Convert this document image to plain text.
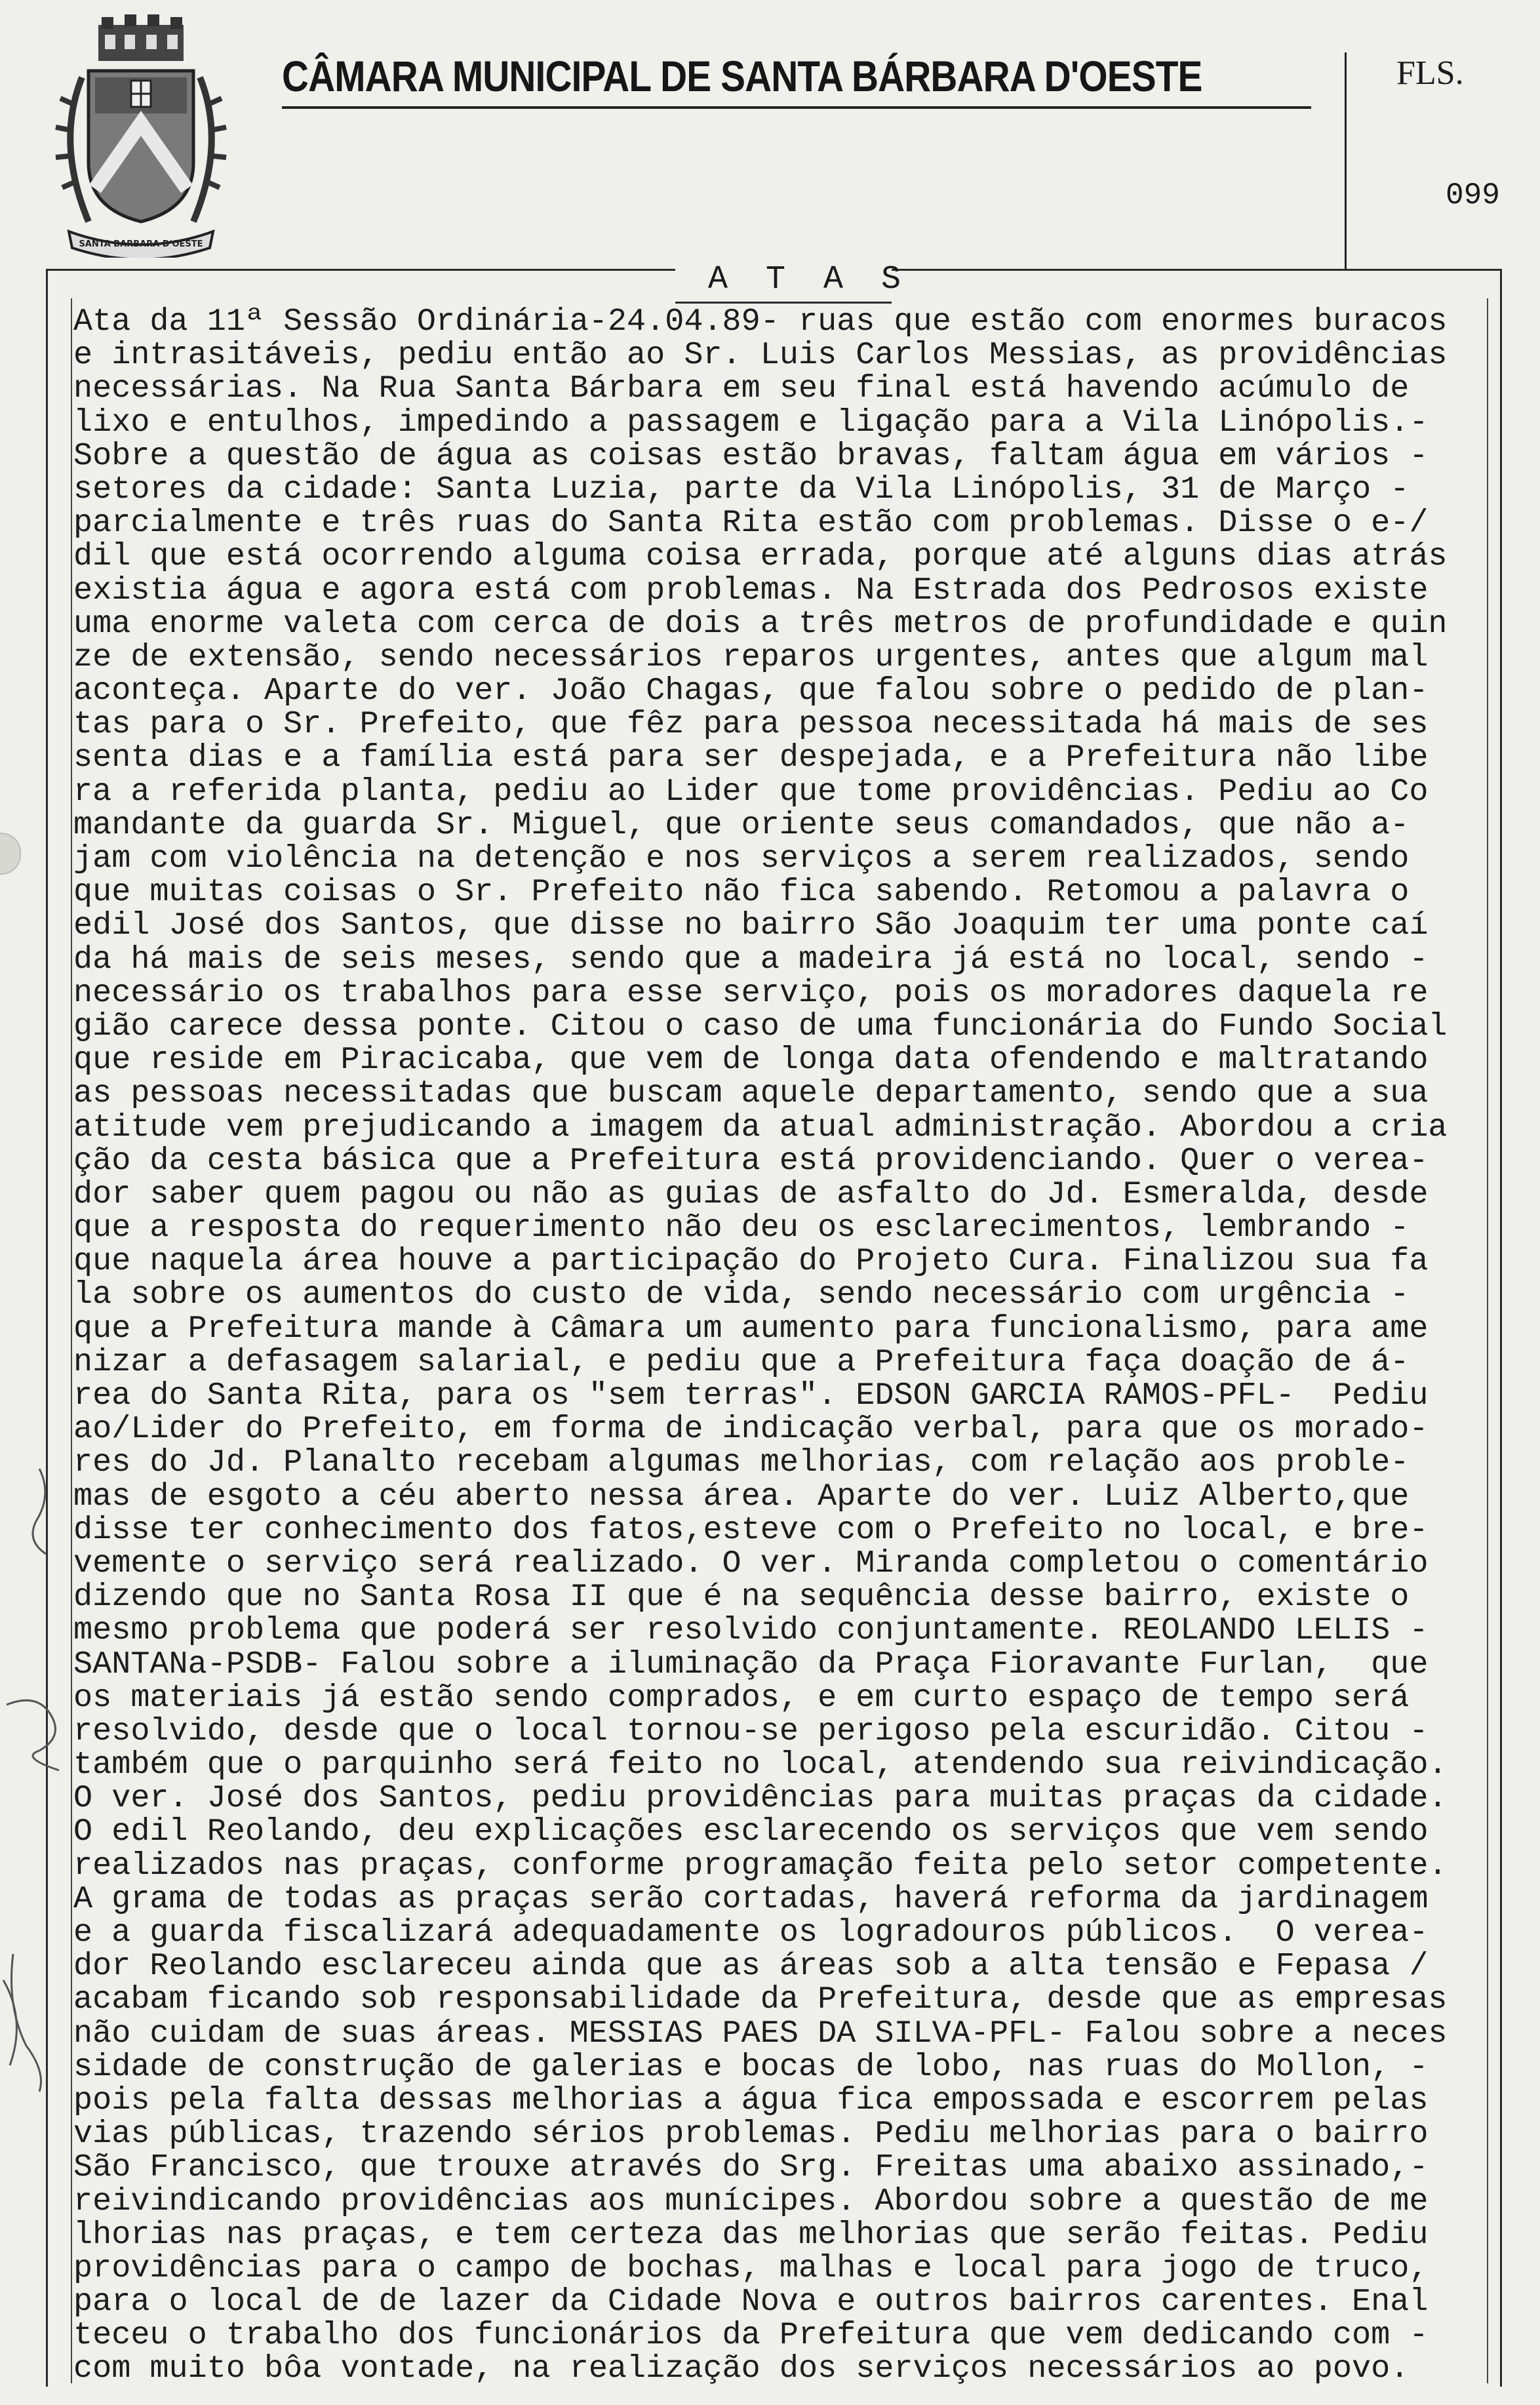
SANTA BARBARA D'OESTE
CÂMARA MUNICIPAL DE SANTA BÁRBARA D'OESTE	FLS.
099
A T A S
Ata da 11ª Sessão Ordinária-24.04.89- ruas que estão com enormes buracos
e intrasitáveis, pediu então ao Sr. Luis Carlos Messias, as providências
necessárias. Na Rua Santa Bárbara em seu final está havendo acúmulo de
lixo e entulhos, impedindo a passagem e ligação para a Vila Linópolis.-
Sobre a questão de água as coisas estão bravas, faltam água em vários -
setores da cidade: Santa Luzia, parte da Vila Linópolis, 31 de Março -
parcialmente e três ruas do Santa Rita estão com problemas. Disse o e-/
dil que está ocorrendo alguma coisa errada, porque até alguns dias atrás
existia água e agora está com problemas. Na Estrada dos Pedrosos existe
uma enorme valeta com cerca de dois a três metros de profundidade e quin
ze de extensão, sendo necessários reparos urgentes, antes que algum mal
aconteça. Aparte do ver. João Chagas, que falou sobre o pedido de plan-
tas para o Sr. Prefeito, que fêz para pessoa necessitada há mais de ses
senta dias e a família está para ser despejada, e a Prefeitura não libe
ra a referida planta, pediu ao Lider que tome providências. Pediu ao Co
mandante da guarda Sr. Miguel, que oriente seus comandados, que não a-
jam com violência na detenção e nos serviços a serem realizados, sendo
que muitas coisas o Sr. Prefeito não fica sabendo. Retomou a palavra o
edil José dos Santos, que disse no bairro São Joaquim ter uma ponte caí
da há mais de seis meses, sendo que a madeira já está no local, sendo -
necessário os trabalhos para esse serviço, pois os moradores daquela re
gião carece dessa ponte. Citou o caso de uma funcionária do Fundo Social
que reside em Piracicaba, que vem de longa data ofendendo e maltratando
as pessoas necessitadas que buscam aquele departamento, sendo que a sua
atitude vem prejudicando a imagem da atual administração. Abordou a cria
ção da cesta básica que a Prefeitura está providenciando. Quer o verea-
dor saber quem pagou ou não as guias de asfalto do Jd. Esmeralda, desde
que a resposta do requerimento não deu os esclarecimentos, lembrando -
que naquela área houve a participação do Projeto Cura. Finalizou sua fa
la sobre os aumentos do custo de vida, sendo necessário com urgência -
que a Prefeitura mande à Câmara um aumento para funcionalismo, para ame
nizar a defasagem salarial, e pediu que a Prefeitura faça doação de á-
rea do Santa Rita, para os "sem terras". EDSON GARCIA RAMOS-PFL-  Pediu
ao/Lider do Prefeito, em forma de indicação verbal, para que os morado-
res do Jd. Planalto recebam algumas melhorias, com relação aos proble-
mas de esgoto a céu aberto nessa área. Aparte do ver. Luiz Alberto,que
disse ter conhecimento dos fatos,esteve com o Prefeito no local, e bre-
vemente o serviço será realizado. O ver. Miranda completou o comentário
dizendo que no Santa Rosa II que é na sequência desse bairro, existe o
mesmo problema que poderá ser resolvido conjuntamente. REOLANDO LELIS -
SANTANa-PSDB- Falou sobre a iluminação da Praça Fioravante Furlan,  que
os materiais já estão sendo comprados, e em curto espaço de tempo será
resolvido, desde que o local tornou-se perigoso pela escuridão. Citou -
também que o parquinho será feito no local, atendendo sua reivindicação.
O ver. José dos Santos, pediu providências para muitas praças da cidade.
O edil Reolando, deu explicações esclarecendo os serviços que vem sendo
realizados nas praças, conforme programação feita pelo setor competente.
A grama de todas as praças serão cortadas, haverá reforma da jardinagem
e a guarda fiscalizará adequadamente os logradouros públicos.  O verea-
dor Reolando esclareceu ainda que as áreas sob a alta tensão e Fepasa /
acabam ficando sob responsabilidade da Prefeitura, desde que as empresas
não cuidam de suas áreas. MESSIAS PAES DA SILVA-PFL- Falou sobre a neces
sidade de construção de galerias e bocas de lobo, nas ruas do Mollon, -
pois pela falta dessas melhorias a água fica empossada e escorrem pelas
vias públicas, trazendo sérios problemas. Pediu melhorias para o bairro
São Francisco, que trouxe através do Srg. Freitas uma abaixo assinado,-
reivindicando providências aos munícipes. Abordou sobre a questão de me
lhorias nas praças, e tem certeza das melhorias que serão feitas. Pediu
providências para o campo de bochas, malhas e local para jogo de truco,
para o local de de lazer da Cidade Nova e outros bairros carentes. Enal
teceu o trabalho dos funcionários da Prefeitura que vem dedicando com -
com muito bôa vontade, na realização dos serviços necessários ao povo.
